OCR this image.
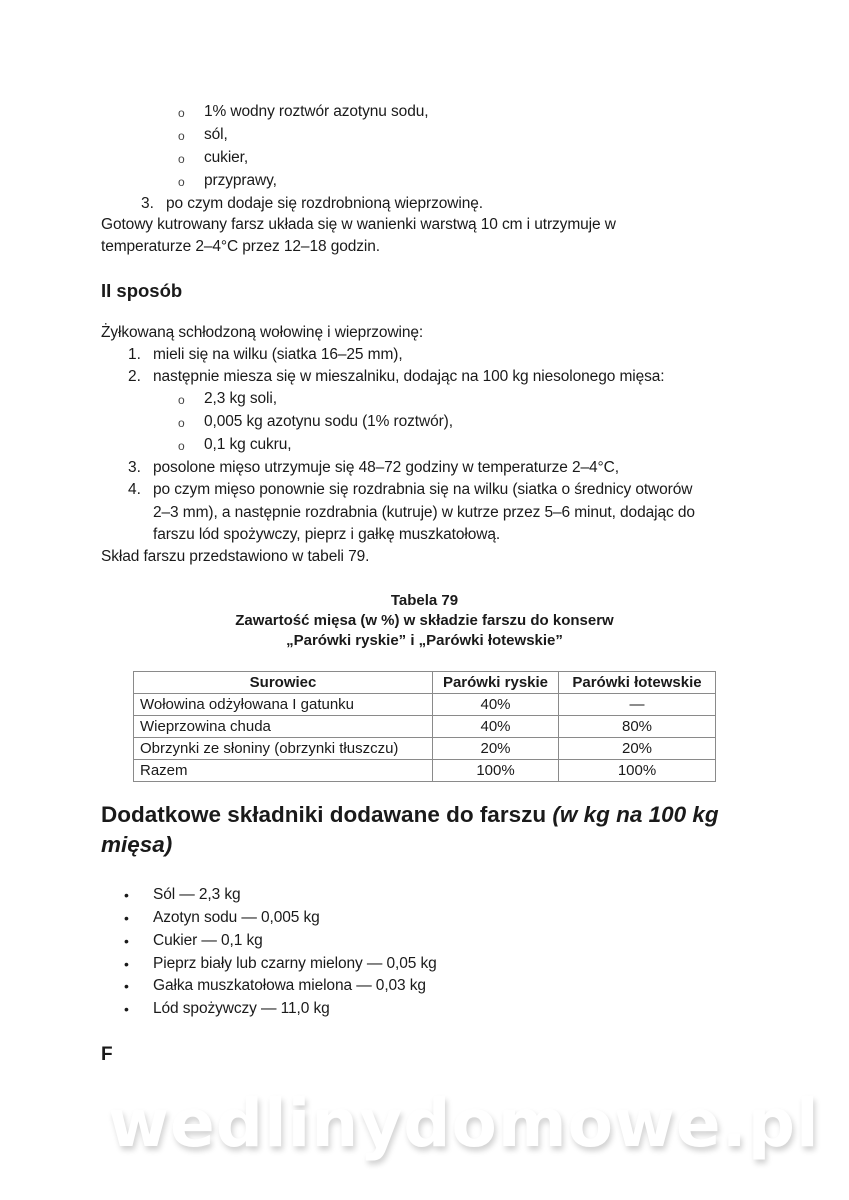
o 1% wodny roztwór azotynu sodu,
o sól,
o cukier,
o przyprawy,
3. po czym dodaje się rozdrobnioną wieprzowinę.
Gotowy kutrowany farsz układa się w wanienki warstwą 10 cm i utrzymuje w
temperaturze 2–4°C przez 12–18 godzin.
II sposób
Żyłkowaną schłodzoną wołowinę i wieprzowinę:
1. mieli się na wilku (siatka 16–25 mm),
2. następnie miesza się w mieszalniku, dodając na 100 kg niesolonego mięsa:
o 2,3 kg soli,
o 0,005 kg azotynu sodu (1% roztwór),
o 0,1 kg cukru,
3. posolone mięso utrzymuje się 48–72 godziny w temperaturze 2–4°C,
4. po czym mięso ponownie się rozdrabnia się na wilku (siatka o średnicy otworów
2–3 mm), a następnie rozdrabnia (kutruje) w kutrze przez 5–6 minut, dodając do
farszu lód spożywczy, pieprz i gałkę muszkatołową.
Skład farszu przedstawiono w tabeli 79.
Tabela 79
Zawartość mięsa (w %) w składzie farszu do konserw
„Parówki ryskie” i „Parówki łotewskie”
Surowiec	Parówki ryskie	Parówki łotewskie
Wołowina odżyłowana I gatunku	40%	—
Wieprzowina chuda	40%	80%
Obrzynki ze słoniny (obrzynki tłuszczu)	20%	20%
Razem	100%	100%
Dodatkowe składniki dodawane do farszu (w kg na 100 kg
mięsa)
• Sól — 2,3 kg
• Azotyn sodu — 0,005 kg
• Cukier — 0,1 kg
• Pieprz biały lub czarny mielony — 0,05 kg
• Gałka muszkatołowa mielona — 0,03 kg
• Lód spożywczy — 11,0 kg
F
wedlinydomowe.pl
